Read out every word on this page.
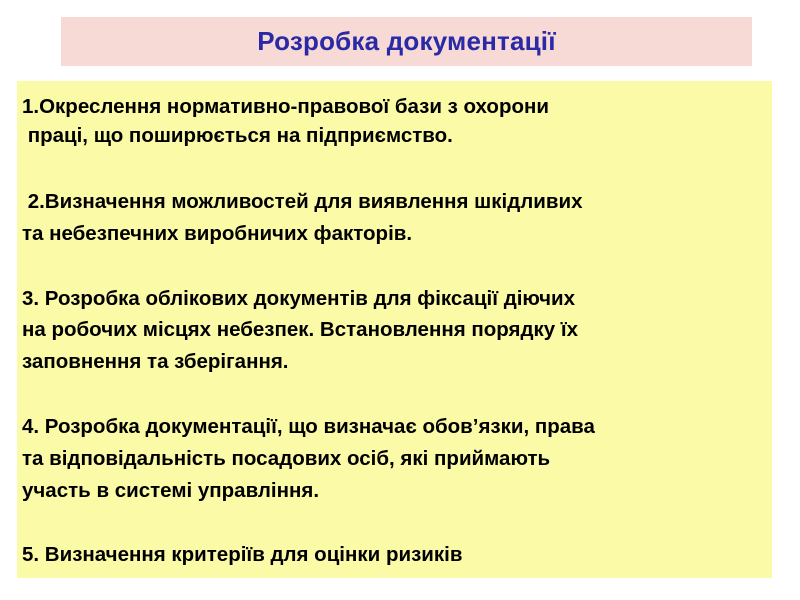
Розробка документації
1.Окреслення нормативно-правової бази з охорони
праці, що поширюється на підприємство.
2.Визначення можливостей для виявлення шкідливих
та небезпечних виробничих факторів.
3. Розробка облікових документів для фіксації діючих
на робочих місцях небезпек. Встановлення порядку їх
заповнення та зберігання.
4. Розробка документації, що визначає обов’язки, права
та відповідальність посадових осіб, які приймають
участь в системі управління.
5. Визначення критеріїв для оцінки ризиків
